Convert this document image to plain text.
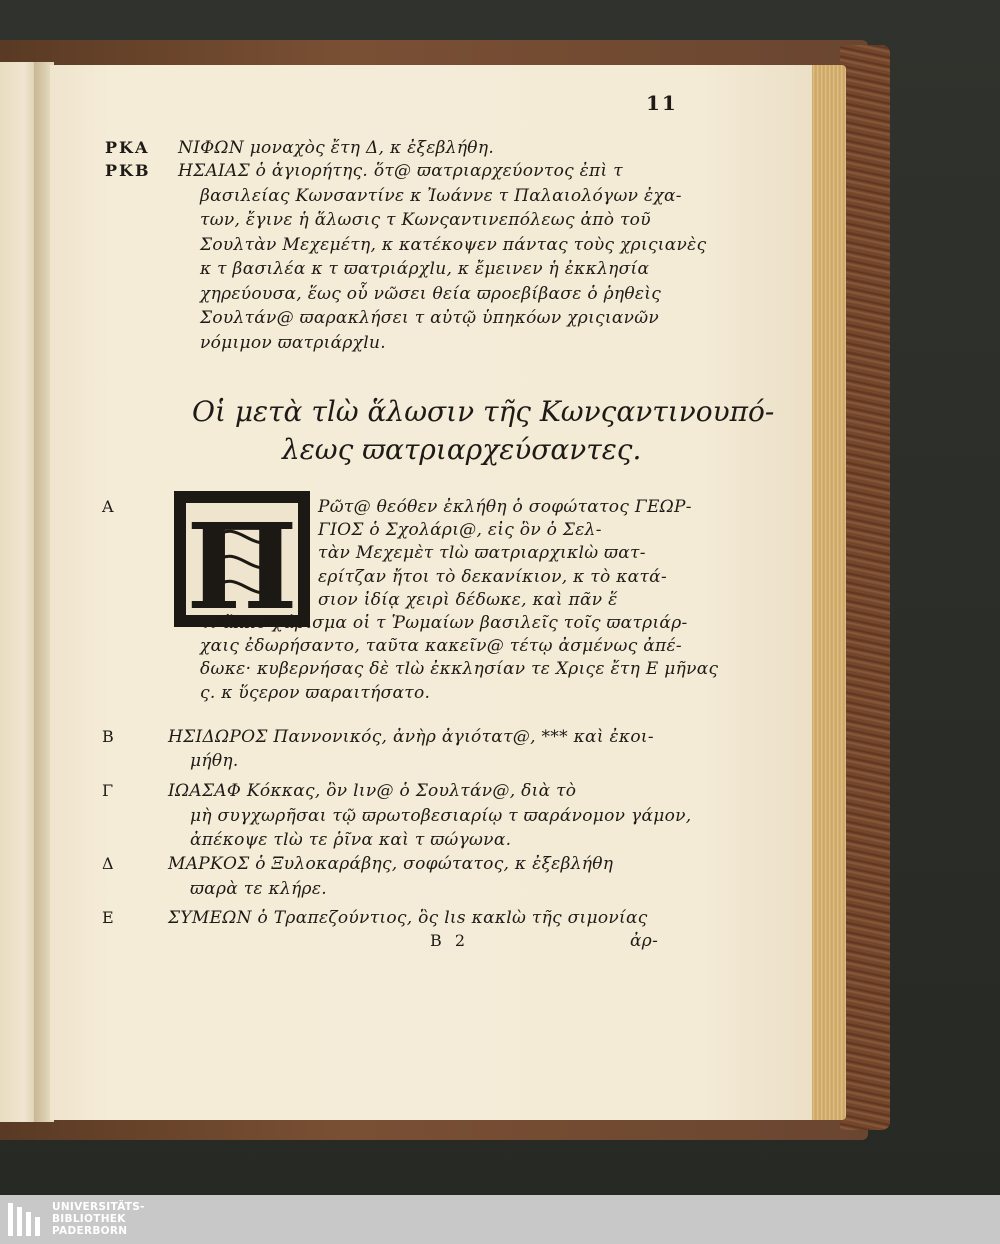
11
ΡΚΑ ΝΙΦΩΝ μοναχὸς ἔτη Δ, κ ἐξεβλήθη.
ΡΚΒ ΗΣΑΙΑΣ ὁ ἁγιορήτης. ὅτ@ ϖατριαρχεύοντος ἐπὶ τ
βασιλείας Κωνσαντίνε κ Ἰωάννε τ Παλαιολόγων ἐχα-
των, ἔγινε ἡ ἅλωσις τ Κωνςαντινεπόλεως ἀπὸ τοῦ
Σουλτὰν Μεχεμέτη, κ κατέκοψεν πάντας τοὺς χριςιανὲς
κ τ βασιλέα κ τ ϖατριάρχlu, κ ἔμεινεν ἡ ἐκκλησία
χηρεύουσα, ἕως οὗ νῶσει θεία ϖροεβίβασε ὁ ῥηθεὶς
Σουλτάν@ ϖαρακλήσει τ αὐτῷ ὑπηκόων χριςιανῶν
νόμιμον ϖατριάρχlu.
Οἱ μετὰ τlὼ ἅλωσιν τῆς Κωνςαντινουπό-
λεως ϖατριαρχεύσαντες.
Π
Α	Ρῶτ@ θεόθεν ἐκλήθη ὁ σοφώτατος ΓΕΩΡ-
ΓΙΟΣ ὁ Σχολάρι@, εἰς ὃν ὁ Σελ-
τὰν Μεχεμὲτ τlὼ ϖατριαρχικlὼ ϖατ-
ερίτζαν ἤτοι τὸ δεκανίκιον, κ τὸ κατά-
σιον ἰδίᾳ χειρὶ δέδωκε, καὶ πᾶν ἕ
τι ἄλλο χάρισμα οἱ τ Ῥωμαίων βασιλεῖς τοῖς ϖατριάρ-
χαις ἐδωρήσαντο, ταῦτα κακεῖν@ τέτῳ ἀσμένως ἀπέ-
δωκε· κυβερνήσας δὲ τlὼ ἐκκλησίαν τε Χριςε ἔτη Ε μῆνας
ς. κ ὕςερον ϖαραιτήσατο.
Β	ΗΣΙΔΩΡΟΣ Παννονικός, ἀνὴρ ἀγιότατ@, *** καὶ ἐκοι-
μήθη.
Γ	ΙΩΑΣΑΦ Κόκκας, ὃν lιν@ ὁ Σουλτάν@, διὰ τὸ
μὴ συγχωρῆσαι τῷ ϖρωτοβεσιαρίῳ τ ϖαράνομον γάμον,
ἀπέκοψε τlὼ τε ῥῖνα καὶ τ ϖώγωνα.
Δ	ΜΑΡΚΟΣ ὁ Ξυλοκαράβης, σοφώτατος, κ ἐξεβλήθη
ϖαρὰ τε κλήρε.
Ε	ΣΥΜΕΩΝ ὁ Τραπεζούντιος, ὃς lιs κακlὼ τῆς σιμονίας
B 2	ἀρ-
UNIVERSITÄTS-
BIBLIOTHEK
PADERBORN
